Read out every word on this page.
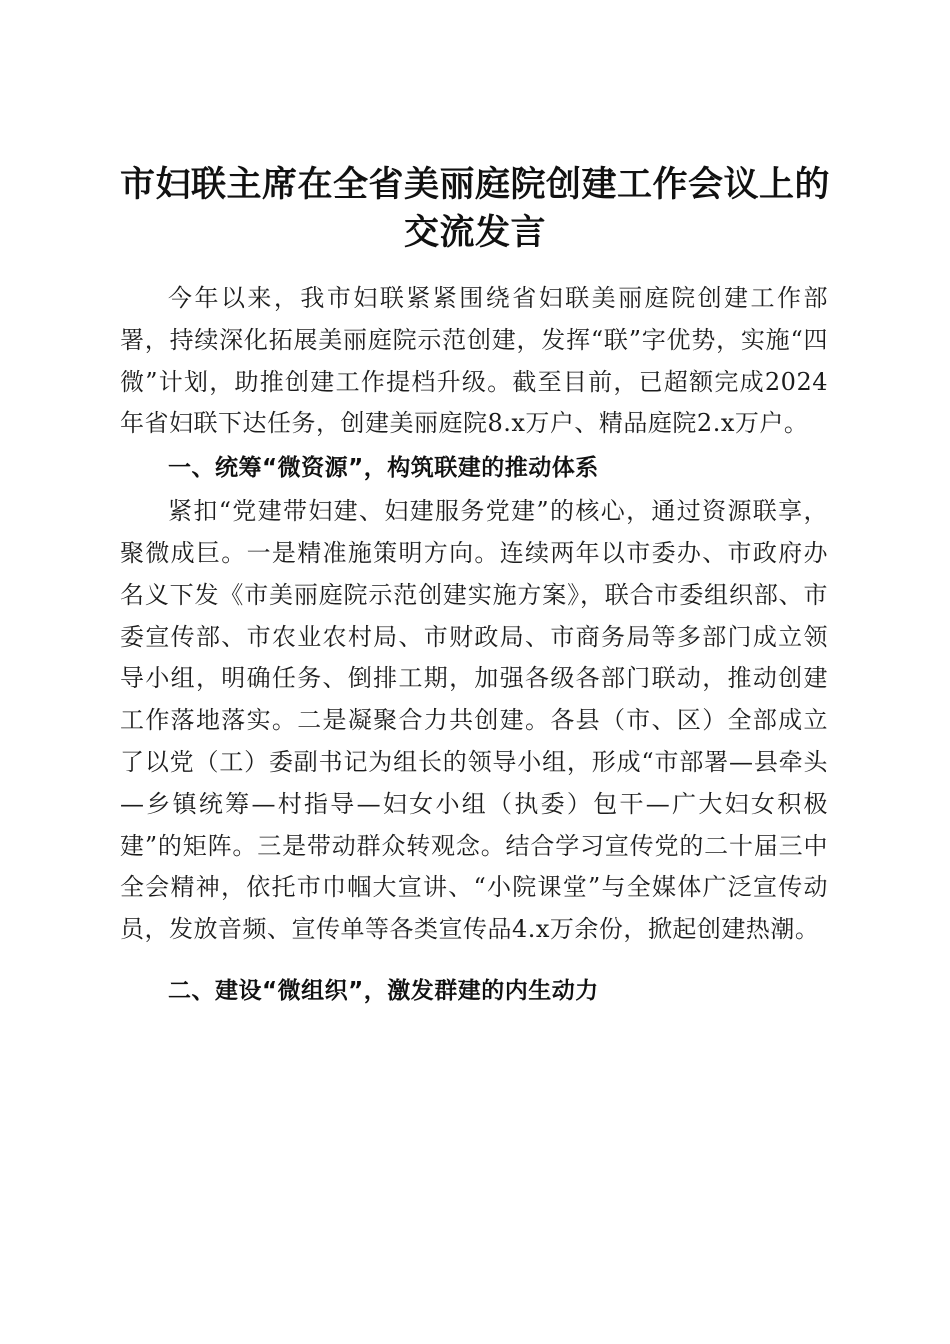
市妇联主席在全省美丽庭院创建工作会议上的
交流发言

今年以来，我市妇联紧紧围绕省妇联美丽庭院创建工作部署，持续深化拓展美丽庭院示范创建，发挥“联”字优势，实施“四微”计划，助推创建工作提档升级。截至目前，已超额完成2024年省妇联下达任务，创建美丽庭院8.x万户、精品庭院2.x万户。

一、统筹“微资源”，构筑联建的推动体系

紧扣“党建带妇建、妇建服务党建”的核心，通过资源联享，聚微成巨。一是精准施策明方向。连续两年以市委办、市政府办名义下发《市美丽庭院示范创建实施方案》，联合市委组织部、市委宣传部、市农业农村局、市财政局、市商务局等多部门成立领导小组，明确任务、倒排工期，加强各级各部门联动，推动创建工作落地落实。二是凝聚合力共创建。各县（市、区）全部成立了以党（工）委副书记为组长的领导小组，形成“市部署—县牵头—乡镇统筹—村指导—妇女小组（执委）包干—广大妇女积极建”的矩阵。三是带动群众转观念。结合学习宣传党的二十届三中全会精神，依托市巾帼大宣讲、“小院课堂”与全媒体广泛宣传动员，发放音频、宣传单等各类宣传品4.x万余份，掀起创建热潮。

二、建设“微组织”，激发群建的内生动力
